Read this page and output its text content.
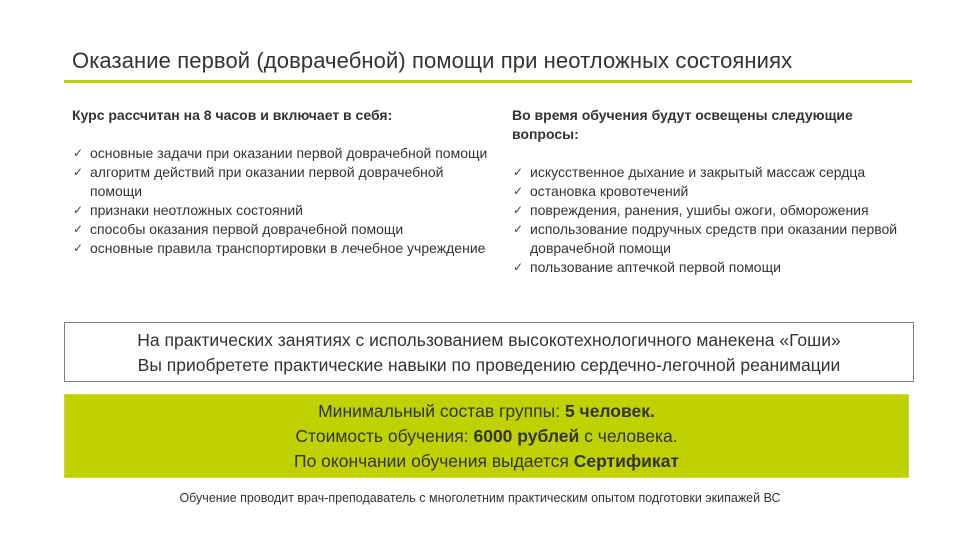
Оказание первой (доврачебной) помощи при неотложных состояниях

Курс рассчитан на 8 часов и включает в себя:

✓ основные задачи при оказании первой доврачебной помощи
✓ алгоритм действий при оказании первой доврачебной помощи
✓ признаки неотложных состояний
✓ способы оказания первой доврачебной помощи
✓ основные правила транспортировки в лечебное учреждение

Во время обучения будут освещены следующие вопросы:

✓ искусственное дыхание и закрытый массаж сердца
✓ остановка кровотечений
✓ повреждения, ранения, ушибы ожоги, обморожения
✓ использование подручных средств при оказании первой доврачебной помощи
✓ пользование аптечкой первой помощи
На практических занятиях с использованием высокотехнологичного манекена «Гоши»
Вы приобретете практические навыки по проведению сердечно-легочной реанимации
Минимальный состав группы: 5 человек.
Стоимость обучения: 6000 рублей с человека.
По окончании обучения выдается Сертификат
Обучение проводит врач-преподаватель с многолетним практическим опытом подготовки экипажей ВС
